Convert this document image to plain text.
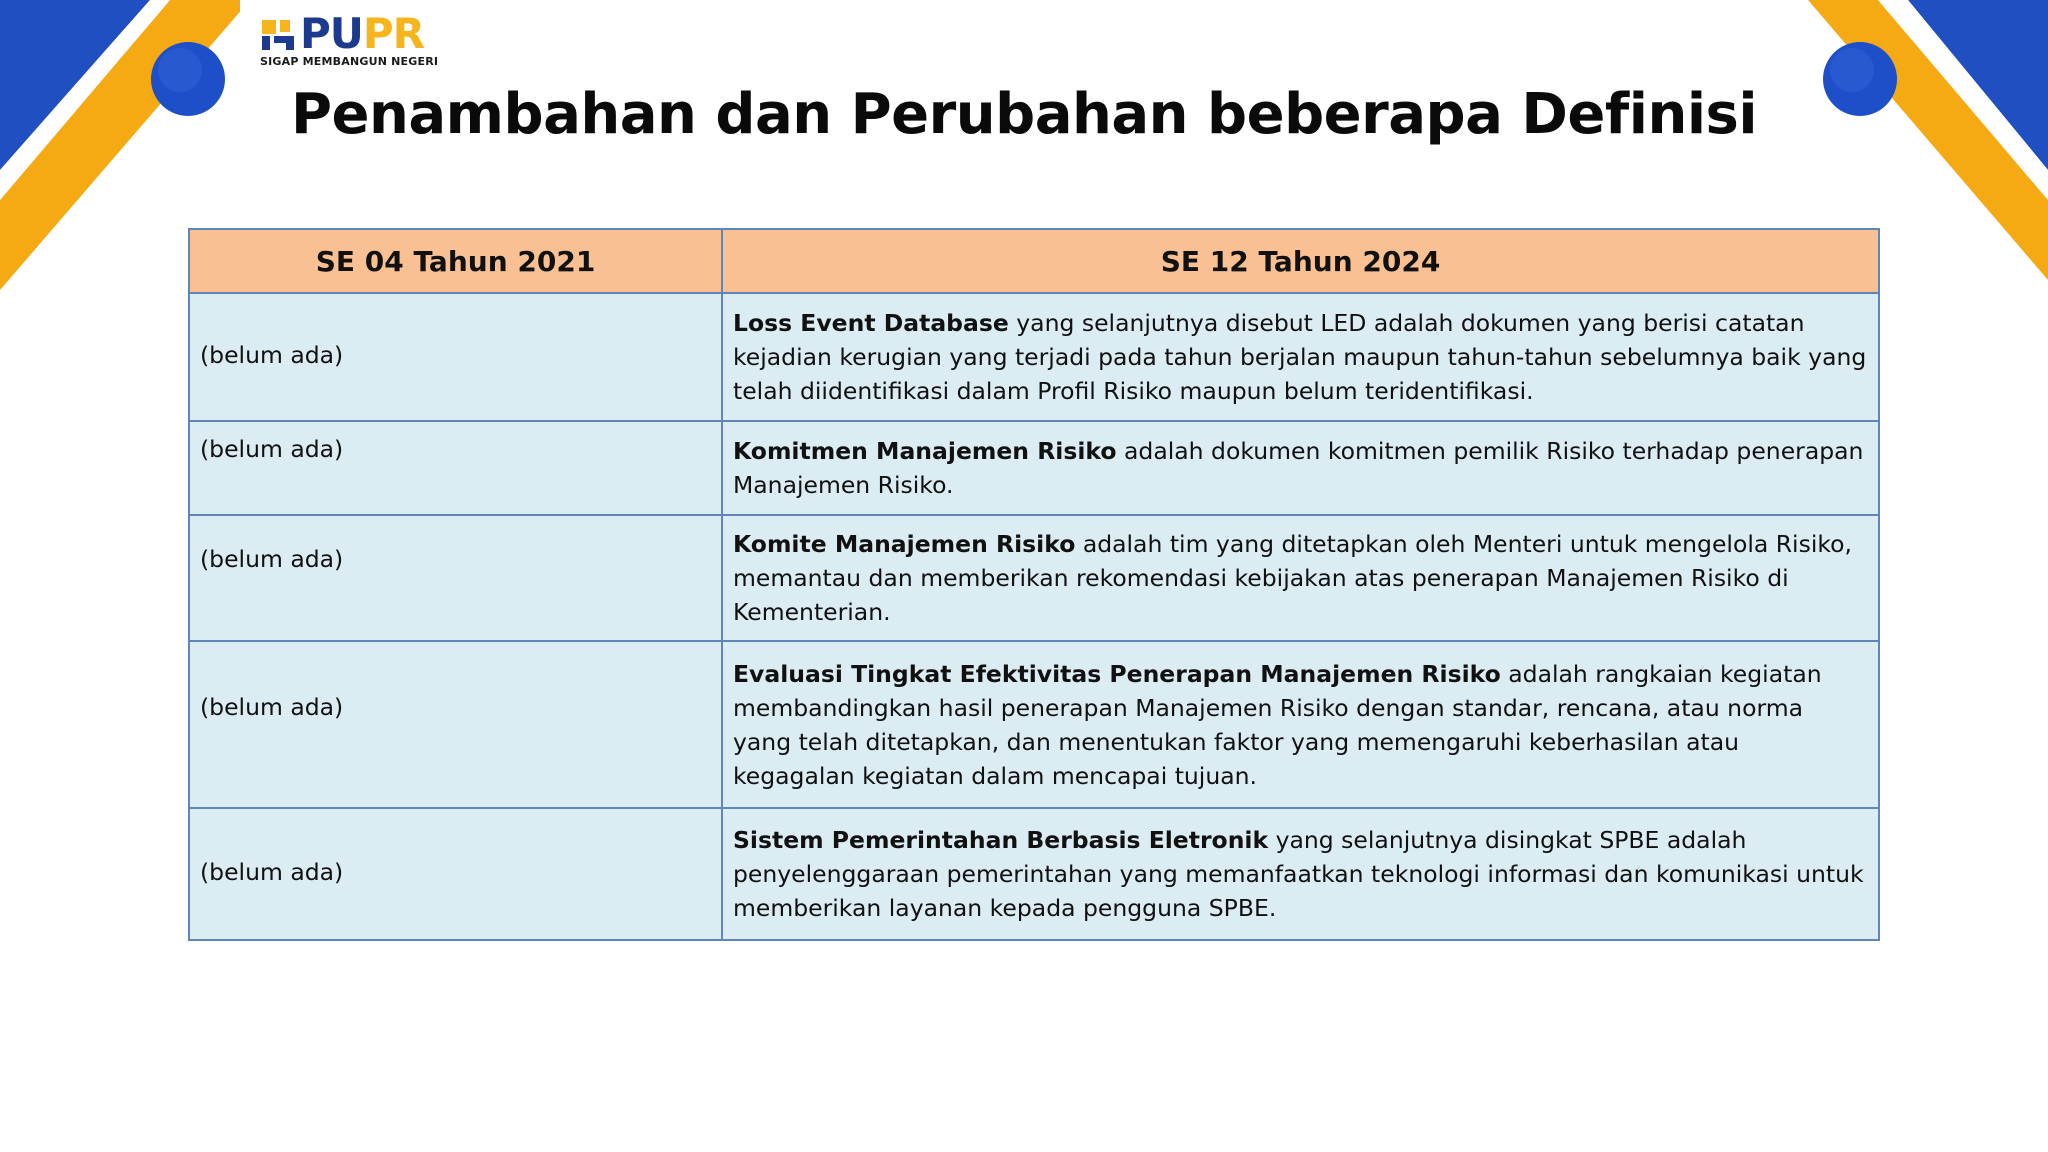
PUPR
SIGAP MEMBANGUN NEGERI
Penambahan dan Perubahan beberapa Definisi
SE 04 Tahun 2021	SE 12 Tahun 2024
(belum ada)	Loss Event Database yang selanjutnya disebut LED adalah dokumen yang berisi catatan kejadian kerugian yang terjadi pada tahun berjalan maupun tahun-tahun sebelumnya baik yang telah diidentifikasi dalam Profil Risiko maupun belum teridentifikasi.
(belum ada)	Komitmen Manajemen Risiko adalah dokumen komitmen pemilik Risiko terhadap penerapan Manajemen Risiko.
(belum ada)	Komite Manajemen Risiko adalah tim yang ditetapkan oleh Menteri untuk mengelola Risiko, memantau dan memberikan rekomendasi kebijakan atas penerapan Manajemen Risiko di Kementerian.
(belum ada)	Evaluasi Tingkat Efektivitas Penerapan Manajemen Risiko adalah rangkaian kegiatan membandingkan hasil penerapan Manajemen Risiko dengan standar, rencana, atau norma yang telah ditetapkan, dan menentukan faktor yang memengaruhi keberhasilan atau kegagalan kegiatan dalam mencapai tujuan.
(belum ada)	Sistem Pemerintahan Berbasis Eletronik yang selanjutnya disingkat SPBE adalah penyelenggaraan pemerintahan yang memanfaatkan teknologi informasi dan komunikasi untuk memberikan layanan kepada pengguna SPBE.
